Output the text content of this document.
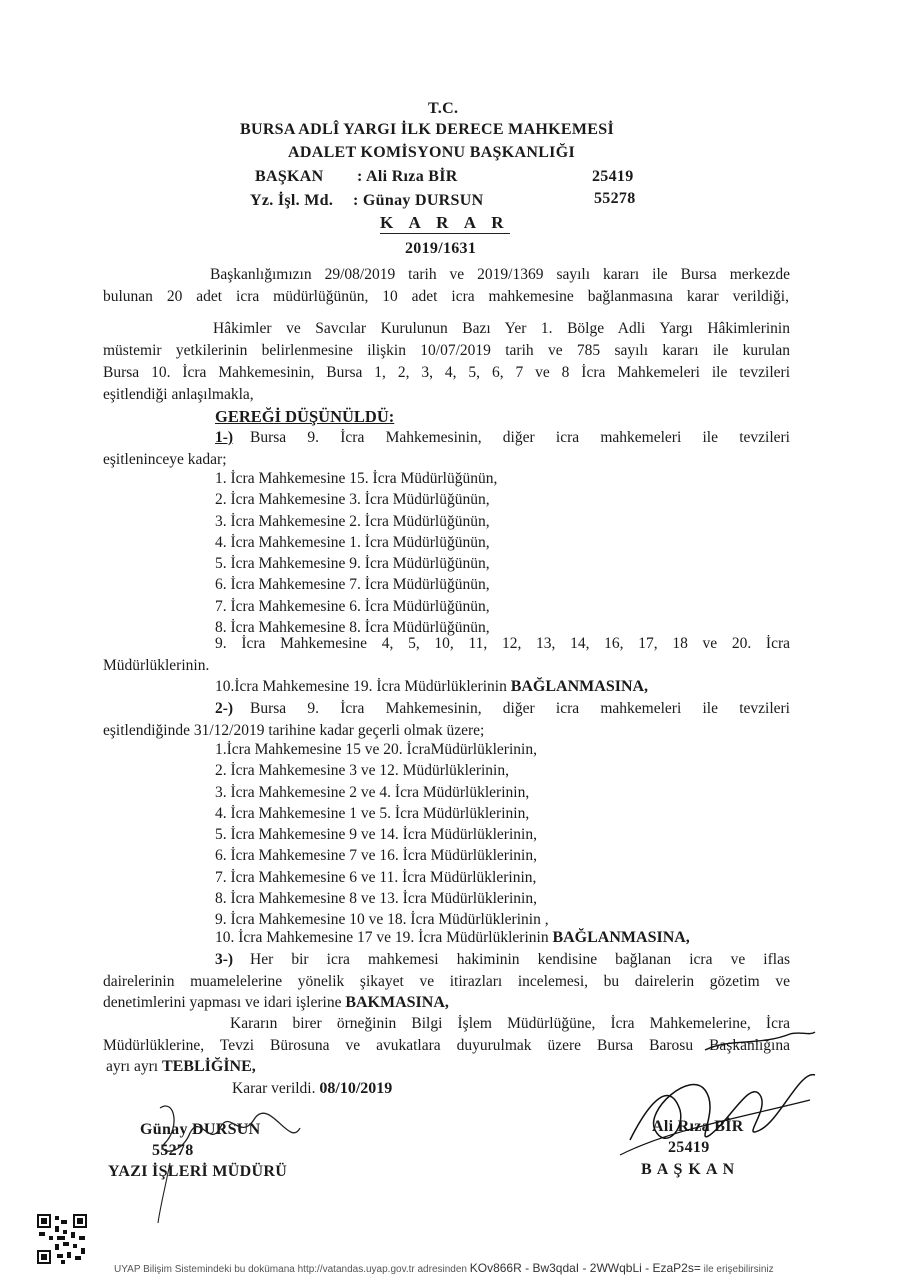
T.C.
BURSA ADLÎ YARGI İLK DERECE MAHKEMESİ
ADALET KOMİSYONU BAŞKANLIĞI
BAŞKAN : Ali Rıza BİR	25419
Yz. İşl. Md. : Günay DURSUN	55278
K A R A R
2019/1631
Başkanlığımızın 29/08/2019 tarih ve 2019/1369 sayılı kararı ile Bursa merkezde
bulunan 20 adet icra müdürlüğünün, 10 adet icra mahkemesine bağlanmasına karar verildiği,
Hâkimler ve Savcılar Kurulunun Bazı Yer 1. Bölge Adli Yargı Hâkimlerinin
müstemir yetkilerinin belirlenmesine ilişkin 10/07/2019 tarih ve 785 sayılı kararı ile kurulan
Bursa 10. İcra Mahkemesinin, Bursa 1, 2, 3, 4, 5, 6, 7 ve 8 İcra Mahkemeleri ile tevzileri
eşitlendiği anlaşılmakla,
GEREĞİ DÜŞÜNÜLDÜ:
1-) Bursa 9. İcra Mahkemesinin, diğer icra mahkemeleri ile tevzileri
eşitleninceye kadar;
1. İcra Mahkemesine 15. İcra Müdürlüğünün,
2. İcra Mahkemesine 3. İcra Müdürlüğünün,
3. İcra Mahkemesine 2. İcra Müdürlüğünün,
4. İcra Mahkemesine 1. İcra Müdürlüğünün,
5. İcra Mahkemesine 9. İcra Müdürlüğünün,
6. İcra Mahkemesine 7. İcra Müdürlüğünün,
7. İcra Mahkemesine 6. İcra Müdürlüğünün,
8. İcra Mahkemesine 8. İcra Müdürlüğünün,
9. İcra Mahkemesine 4, 5, 10, 11, 12, 13, 14, 16, 17, 18 ve 20. İcra
Müdürlüklerinin.
10.İcra Mahkemesine 19. İcra Müdürlüklerinin BAĞLANMASINA,
2-) Bursa 9. İcra Mahkemesinin, diğer icra mahkemeleri ile tevzileri
eşitlendiğinde 31/12/2019 tarihine kadar geçerli olmak üzere;
1.İcra Mahkemesine 15 ve 20. İcraMüdürlüklerinin,
2. İcra Mahkemesine 3 ve 12. Müdürlüklerinin,
3. İcra Mahkemesine 2 ve 4. İcra Müdürlüklerinin,
4. İcra Mahkemesine 1 ve 5. İcra Müdürlüklerinin,
5. İcra Mahkemesine 9 ve 14. İcra Müdürlüklerinin,
6. İcra Mahkemesine 7 ve 16. İcra Müdürlüklerinin,
7. İcra Mahkemesine 6 ve 11. İcra Müdürlüklerinin,
8. İcra Mahkemesine 8 ve 13. İcra Müdürlüklerinin,
9. İcra Mahkemesine 10 ve 18. İcra Müdürlüklerinin ,
10. İcra Mahkemesine 17 ve 19. İcra Müdürlüklerinin BAĞLANMASINA,
3-) Her bir icra mahkemesi hakiminin kendisine bağlanan icra ve iflas
dairelerinin muamelelerine yönelik şikayet ve itirazları incelemesi, bu dairelerin gözetim ve
denetimlerini yapması ve idari işlerine BAKMASINA,
Kararın birer örneğinin Bilgi İşlem Müdürlüğüne, İcra Mahkemelerine, İcra
Müdürlüklerine, Tevzi Bürosuna ve avukatlara duyurulmak üzere Bursa Barosu Başkanlığına
ayrı ayrı TEBLİĞİNE,
Karar verildi. 08/10/2019
Günay DURSUN
55278
YAZI İŞLERİ MÜDÜRÜ
Ali Rıza BİR
25419
B A Ş K A N
UYAP Bilişim Sistemindeki bu dokümana http://vatandas.uyap.gov.tr adresinden KOv866R - Bw3qdaI - 2WWqbLi - EzaP2s= ile erişebilirsiniz
